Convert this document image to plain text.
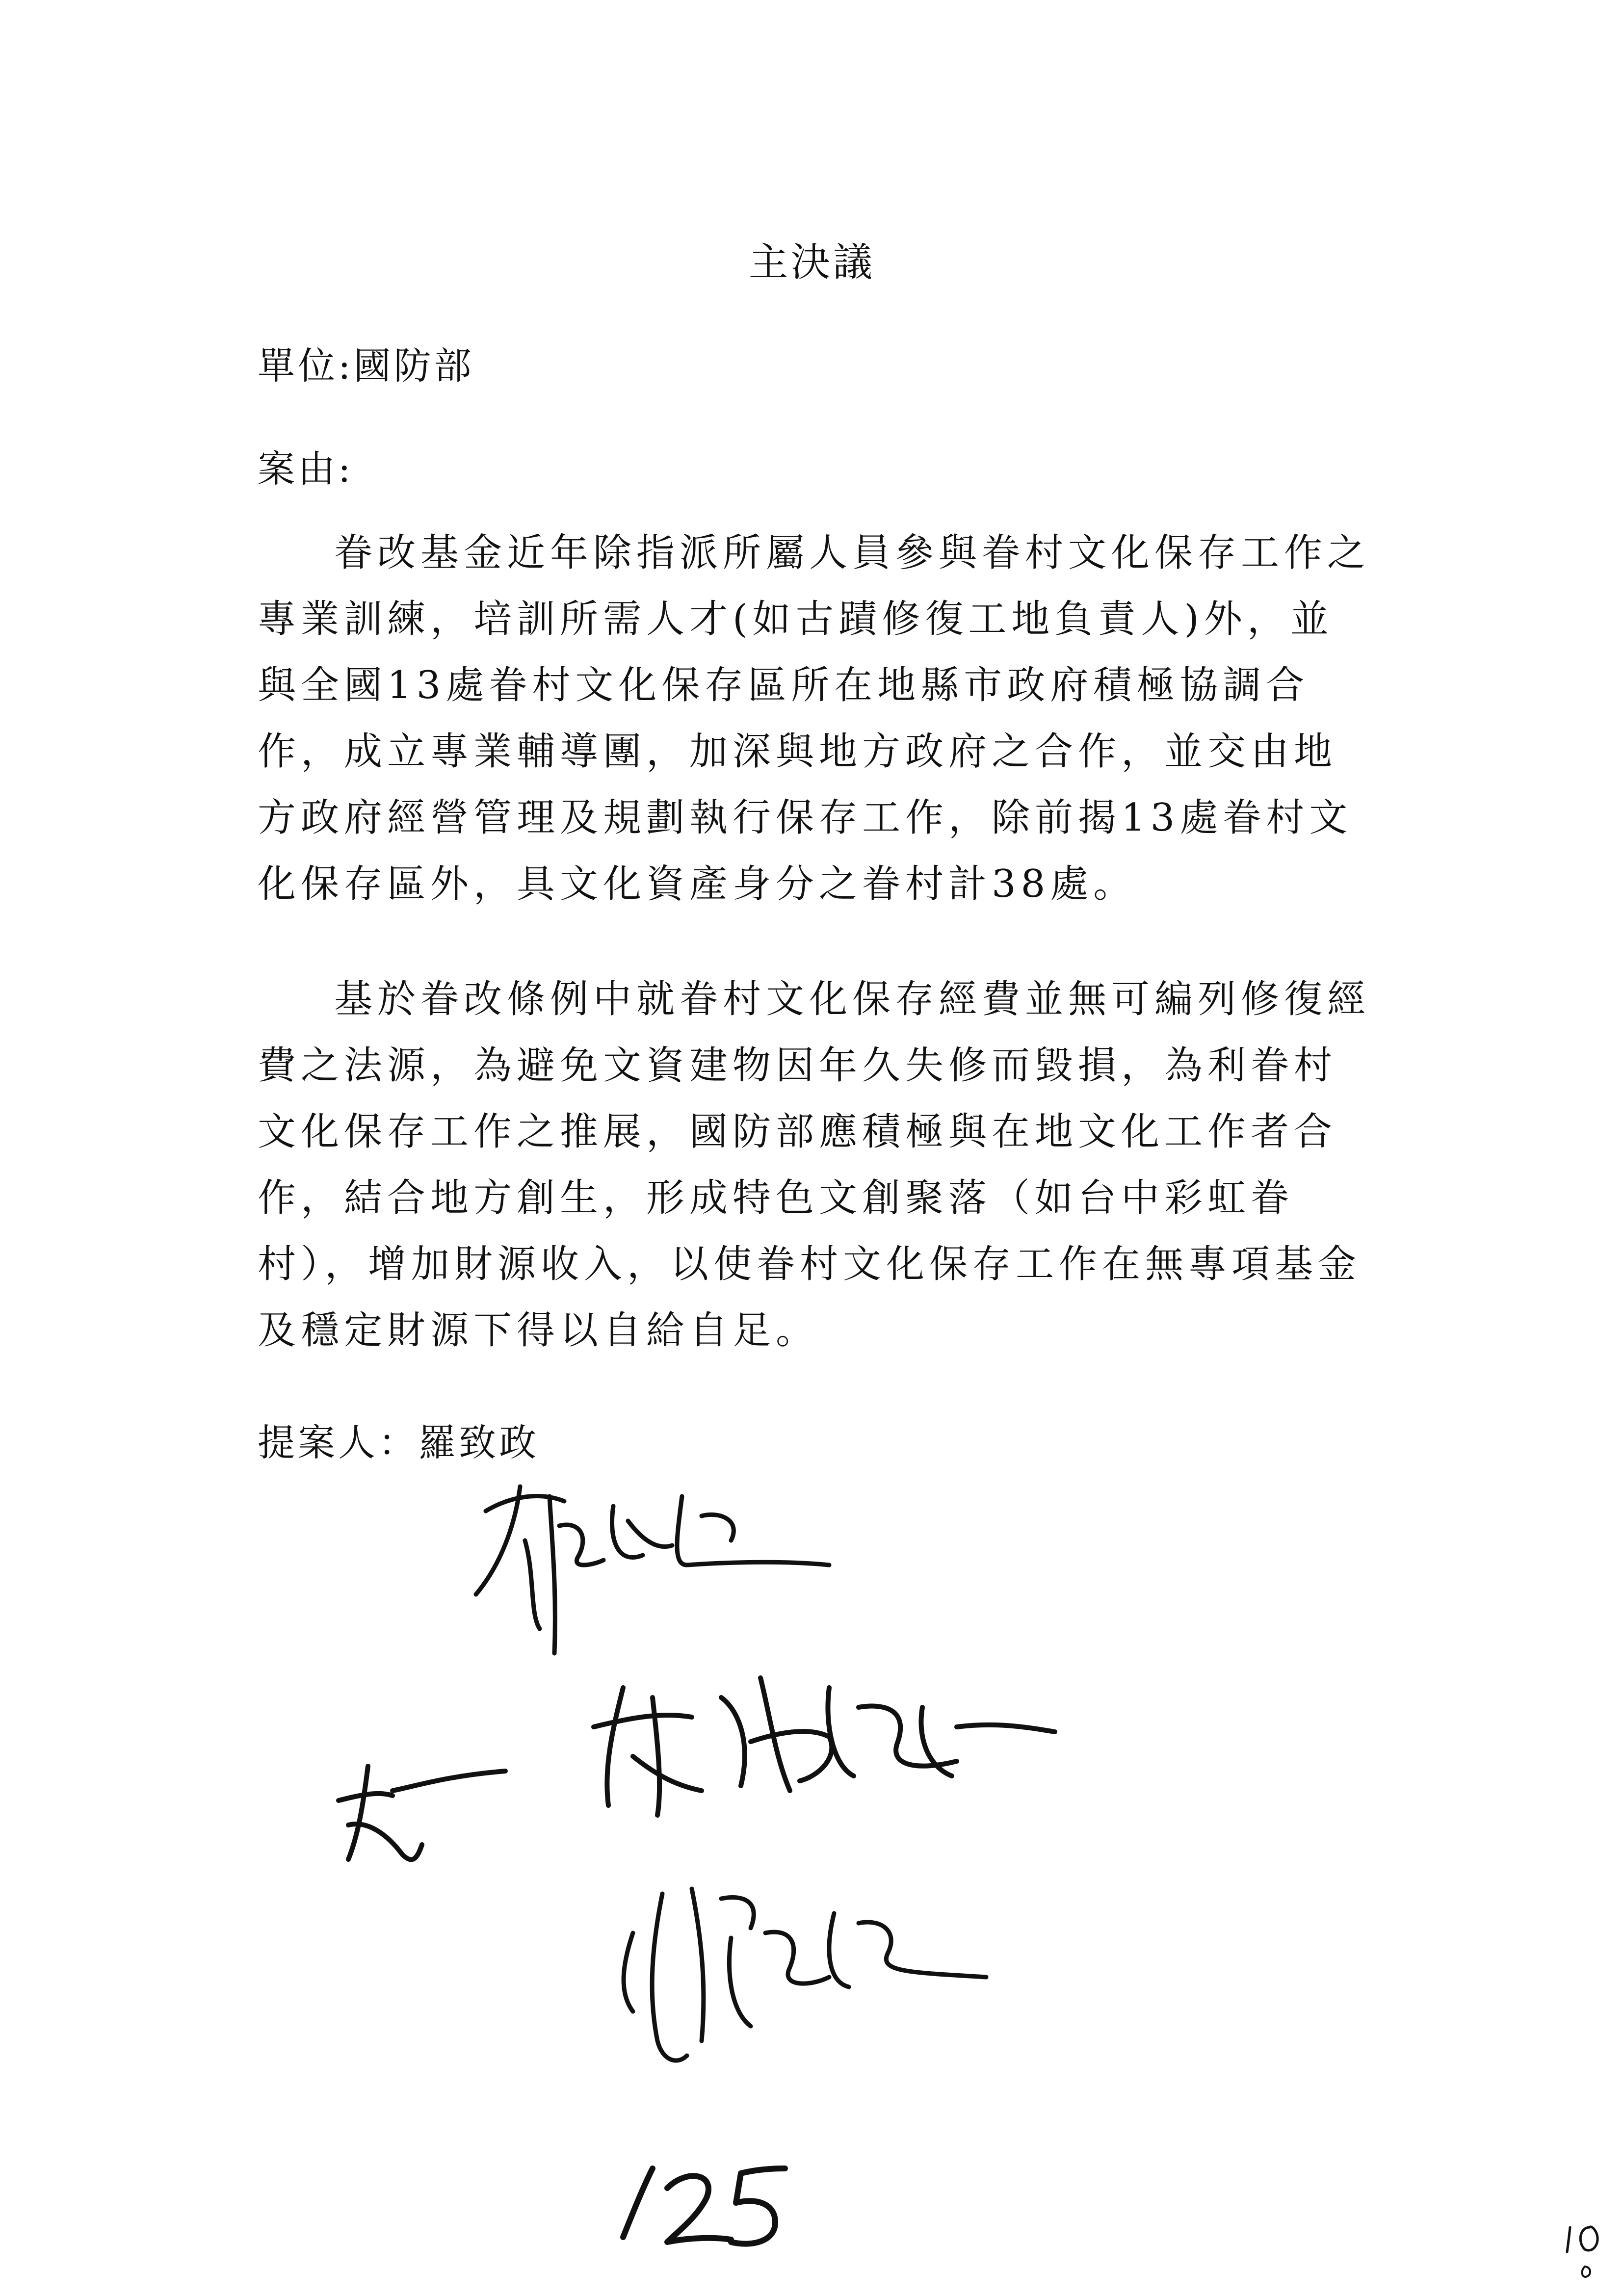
主決議
單位:國防部
案由:

眷改基金近年除指派所屬人員參與眷村文化保存工作之專業訓練，培訓所需人才(如古蹟修復工地負責人)外，並與全國13處眷村文化保存區所在地縣市政府積極協調合作，成立專業輔導團，加深與地方政府之合作，並交由地方政府經營管理及規劃執行保存工作，除前揭13處眷村文化保存區外，具文化資產身分之眷村計38處。

基於眷改條例中就眷村文化保存經費並無可編列修復經費之法源，為避免文資建物因年久失修而毀損，為利眷村文化保存工作之推展，國防部應積極與在地文化工作者合作，結合地方創生，形成特色文創聚落（如台中彩虹眷村），增加財源收入，以使眷村文化保存工作在無專項基金及穩定財源下得以自給自足。

提案人：羅致政
